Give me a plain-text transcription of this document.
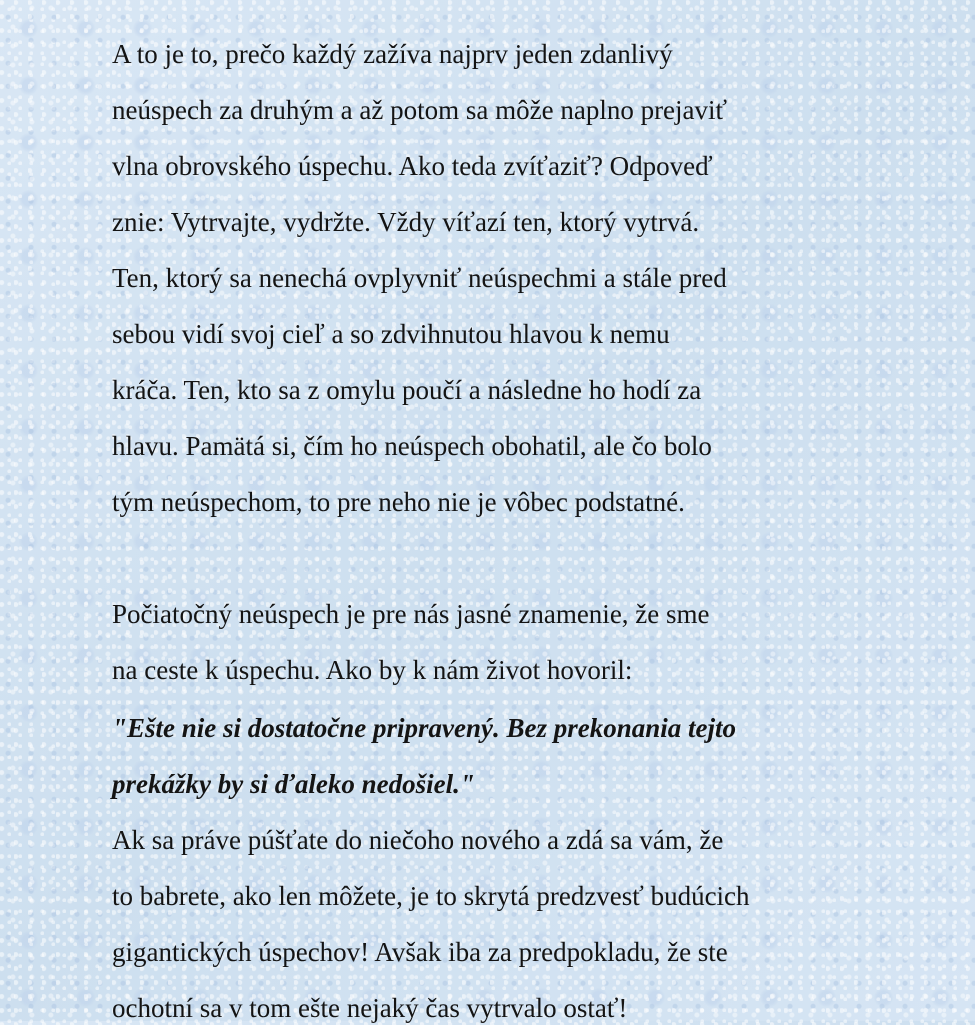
A to je to, prečo každý zažíva najprv jeden zdanlivý
neúspech za druhým a až potom sa môže naplno prejaviť
vlna obrovského úspechu. Ako teda zvíťaziť? Odpoveď
znie: Vytrvajte, vydržte. Vždy víťazí ten, ktorý vytrvá.
Ten, ktorý sa nenechá ovplyvniť neúspechmi a stále pred
sebou vidí svoj cieľ a so zdvihnutou hlavou k nemu
kráča. Ten, kto sa z omylu poučí a následne ho hodí za
hlavu. Pamätá si, čím ho neúspech obohatil, ale čo bolo
tým neúspechom, to pre neho nie je vôbec podstatné.
Počiatočný neúspech je pre nás jasné znamenie, že sme
na ceste k úspechu. Ako by k nám život hovoril:
"Ešte nie si dostatočne pripravený. Bez prekonania tejto
prekážky by si ďaleko nedošiel."
Ak sa práve púšťate do niečoho nového a zdá sa vám, že
to babrete, ako len môžete, je to skrytá predzvesť budúcich
gigantických úspechov! Avšak iba za predpokladu, že ste
ochotní sa v tom ešte nejaký čas vytrvalo ostať!
